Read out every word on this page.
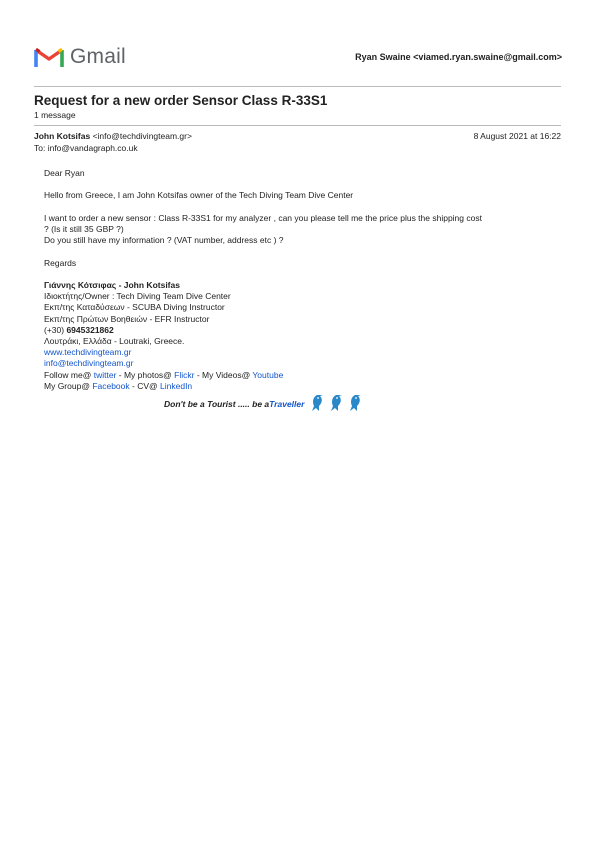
Gmail	Ryan Swaine <viamed.ryan.swaine@gmail.com>
Request for a new order Sensor Class R-33S1
1 message
John Kotsifas <info@techdivingteam.gr>	8 August 2021 at 16:22
To: info@vandagraph.co.uk

Dear Ryan

Hello from Greece, I am John Kotsifas owner of the Tech Diving Team Dive Center

I want to order a new sensor : Class R-33S1 for my analyzer , can you please tell me the price plus the shipping cost

? (Is it still 35 GBP ?)

Do you still have my information ? (VAT number, address etc ) ?

Regards

Γιάννης Κότσιφας - John Kotsifas

Ιδιοκτήτης/Owner : Tech Diving Team Dive Center

Εκπ/της Καταδύσεων - SCUBA Diving Instructor

Εκπ/της Πρώτων Βοηθειών - EFR Instructor

(+30) 6945321862

Λουτράκι, Ελλάδα - Loutraki, Greece.

www.techdivingteam.gr

info@techdivingteam.gr

Follow me@ twitter - My photos@ Flickr - My Videos@ Youtube

My Group@ Facebook - CV@ LinkedIn

Don't be a Tourist ..... be a Traveller
